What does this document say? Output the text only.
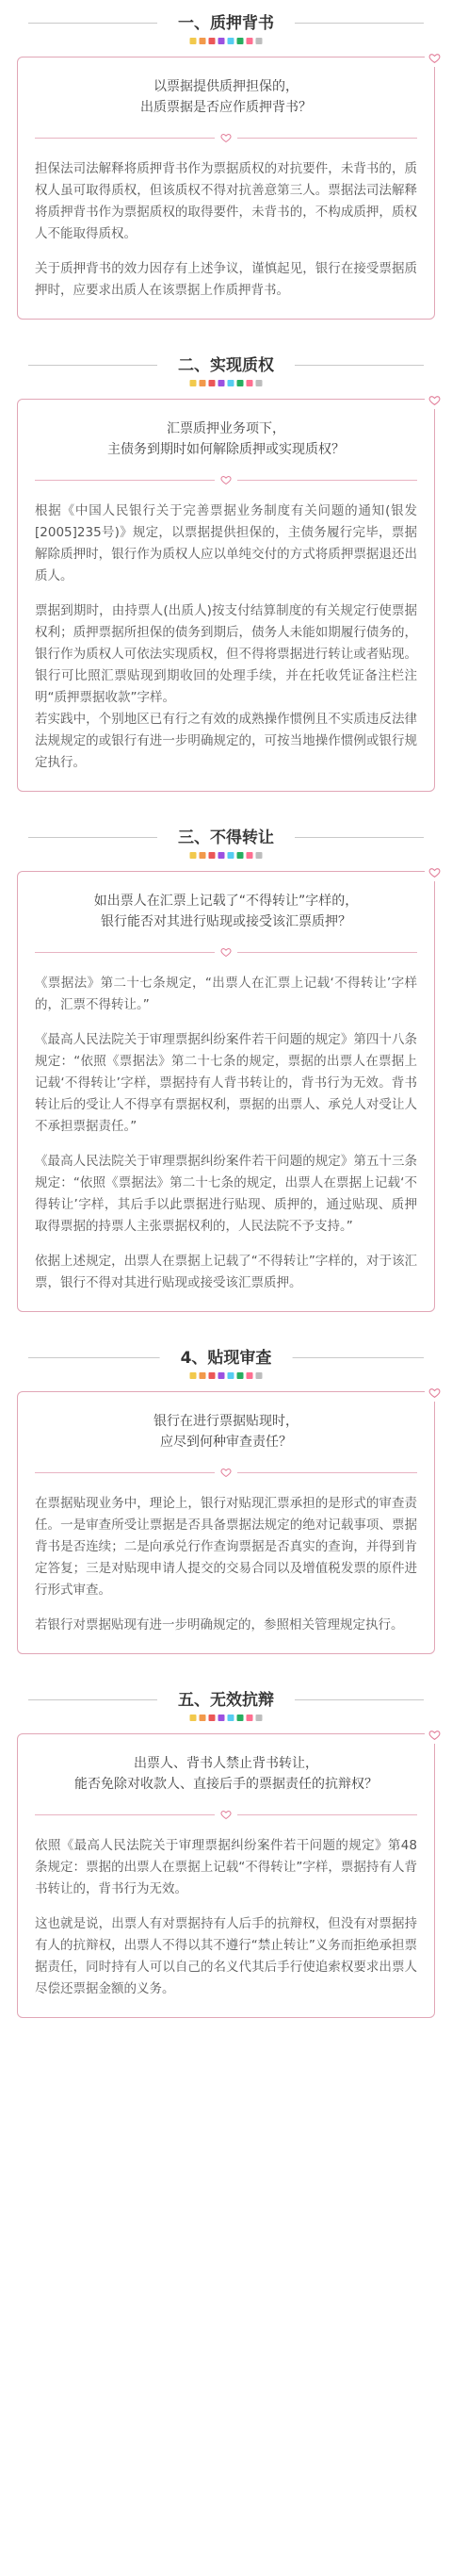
一、质押背书
以票据提供质押担保的，
出质票据是否应作质押背书？

担保法司法解释将质押背书作为票据质权的对抗要件，未背书的，质权人虽可取得质权，但该质权不得对抗善意第三人。票据法司法解释将质押背书作为票据质权的取得要件，未背书的，不构成质押，质权人不能取得质权。

关于质押背书的效力因存有上述争议，谨慎起见，银行在接受票据质押时，应要求出质人在该票据上作质押背书。

二、实现质权
汇票质押业务项下，
主债务到期时如何解除质押或实现质权？

根据《中国人民银行关于完善票据业务制度有关问题的通知(银发[2005]235号)》规定，以票据提供担保的，主债务履行完毕，票据解除质押时，银行作为质权人应以单纯交付的方式将质押票据退还出质人。

票据到期时，由持票人(出质人)按支付结算制度的有关规定行使票据权利；质押票据所担保的债务到期后，债务人未能如期履行债务的，银行作为质权人可依法实现质权，但不得将票据进行转让或者贴现。银行可比照汇票贴现到期收回的处理手续，并在托收凭证备注栏注明“质押票据收款”字样。
若实践中，个别地区已有行之有效的成熟操作惯例且不实质违反法律法规规定的或银行有进一步明确规定的，可按当地操作惯例或银行规定执行。

三、不得转让
如出票人在汇票上记载了“不得转让”字样的，
银行能否对其进行贴现或接受该汇票质押？

《票据法》第二十七条规定，“出票人在汇票上记载‘不得转让’字样的，汇票不得转让。”

《最高人民法院关于审理票据纠纷案件若干问题的规定》第四十八条规定：“依照《票据法》第二十七条的规定，票据的出票人在票据上记载‘不得转让’字样，票据持有人背书转让的，背书行为无效。背书转让后的受让人不得享有票据权利，票据的出票人、承兑人对受让人不承担票据责任。”

《最高人民法院关于审理票据纠纷案件若干问题的规定》第五十三条规定：“依照《票据法》第二十七条的规定，出票人在票据上记载‘不得转让’字样，其后手以此票据进行贴现、质押的，通过贴现、质押取得票据的持票人主张票据权利的，人民法院不予支持。”

依据上述规定，出票人在票据上记载了“不得转让”字样的，对于该汇票，银行不得对其进行贴现或接受该汇票质押。

4、贴现审查
银行在进行票据贴现时，
应尽到何种审查责任？

在票据贴现业务中，理论上，银行对贴现汇票承担的是形式的审查责任。一是审查所受让票据是否具备票据法规定的绝对记载事项、票据背书是否连续；二是向承兑行作查询票据是否真实的查询，并得到肯定答复；三是对贴现申请人提交的交易合同以及增值税发票的原件进行形式审查。

若银行对票据贴现有进一步明确规定的，参照相关管理规定执行。

五、无效抗辩
出票人、背书人禁止背书转让，
能否免除对收款人、直接后手的票据责任的抗辩权？

依照《最高人民法院关于审理票据纠纷案件若干问题的规定》第48条规定：票据的出票人在票据上记载“不得转让”字样，票据持有人背书转让的，背书行为无效。

这也就是说，出票人有对票据持有人后手的抗辩权，但没有对票据持有人的抗辩权，出票人不得以其不遵行“禁止转让”义务而拒绝承担票据责任，同时持有人可以自己的名义代其后手行使追索权要求出票人尽偿还票据金额的义务。
